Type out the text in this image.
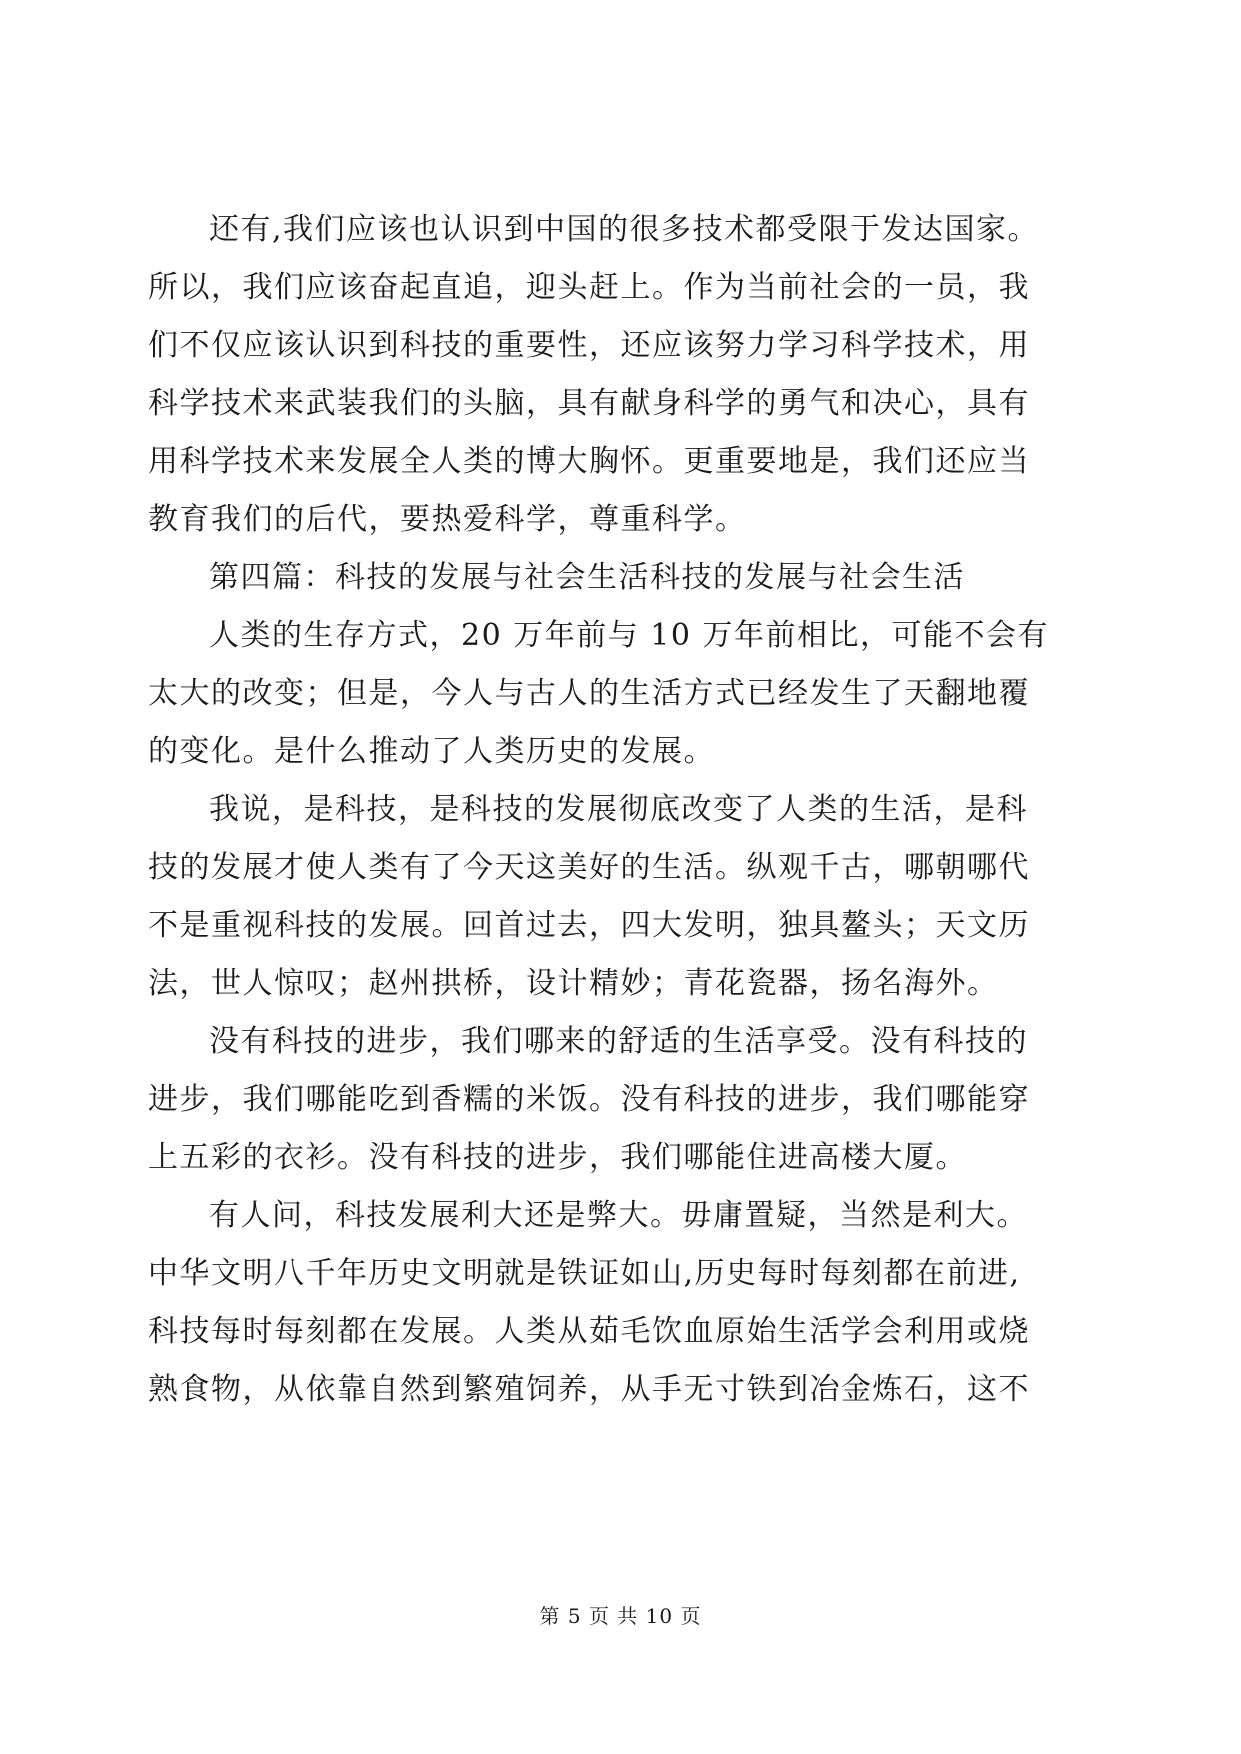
还有,我们应该也认识到中国的很多技术都受限于发达国家。
所以，我们应该奋起直追，迎头赶上。作为当前社会的一员，我
们不仅应该认识到科技的重要性，还应该努力学习科学技术，用
科学技术来武装我们的头脑，具有献身科学的勇气和决心，具有
用科学技术来发展全人类的博大胸怀。更重要地是，我们还应当
教育我们的后代，要热爱科学，尊重科学。
第四篇：科技的发展与社会生活科技的发展与社会生活
人类的生存方式，20 万年前与 10 万年前相比，可能不会有
太大的改变；但是，今人与古人的生活方式已经发生了天翻地覆
的变化。是什么推动了人类历史的发展。
我说，是科技，是科技的发展彻底改变了人类的生活，是科
技的发展才使人类有了今天这美好的生活。纵观千古，哪朝哪代
不是重视科技的发展。回首过去，四大发明，独具鳌头；天文历
法，世人惊叹；赵州拱桥，设计精妙；青花瓷器，扬名海外。
没有科技的进步，我们哪来的舒适的生活享受。没有科技的
进步，我们哪能吃到香糯的米饭。没有科技的进步，我们哪能穿
上五彩的衣衫。没有科技的进步，我们哪能住进高楼大厦。
有人问，科技发展利大还是弊大。毋庸置疑，当然是利大。
中华文明八千年历史文明就是铁证如山,历史每时每刻都在前进,
科技每时每刻都在发展。人类从茹毛饮血原始生活学会利用或烧
熟食物，从依靠自然到繁殖饲养，从手无寸铁到冶金炼石，这不
第 5 页 共 10 页
